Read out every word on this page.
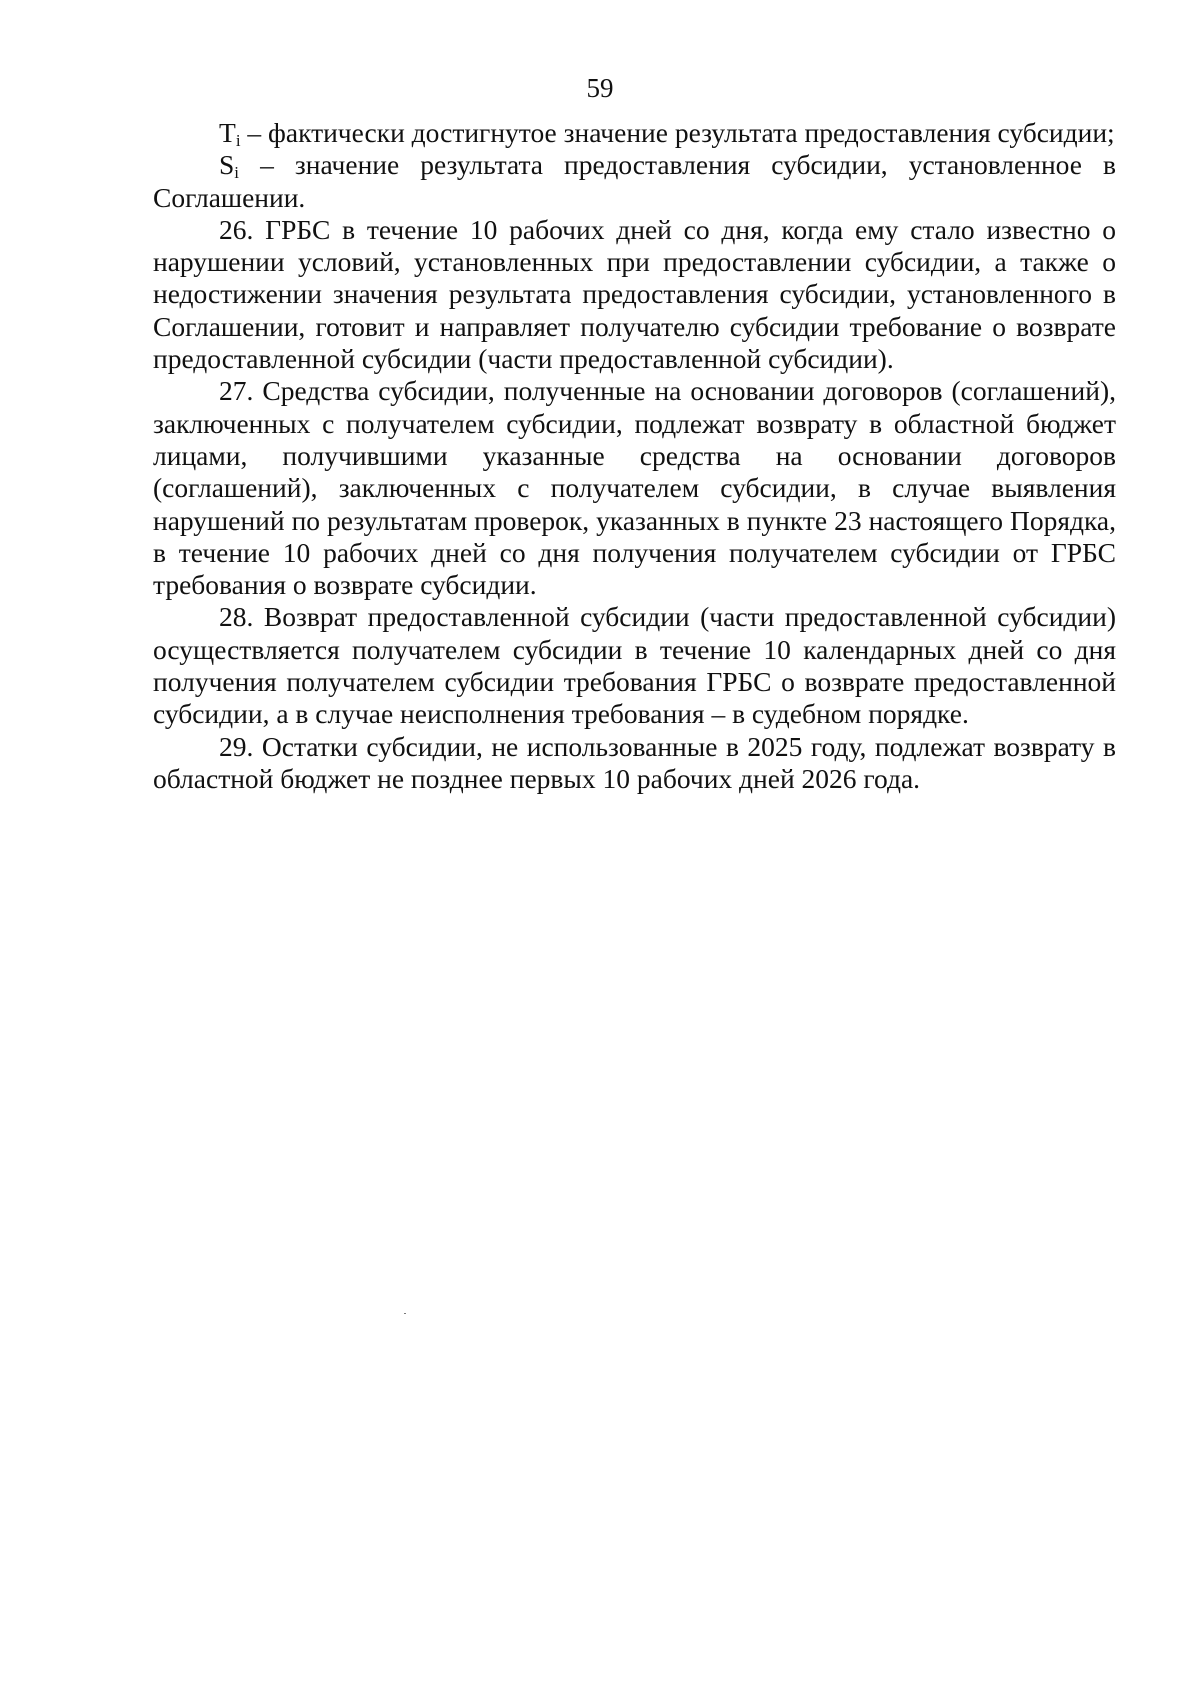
59

$T_i$ – фактически достигнутое значение результата предоставления субсидии;

$S_i$ – значение результата предоставления субсидии, установленное в Соглашении.

26. ГРБС в течение 10 рабочих дней со дня, когда ему стало известно о нарушении условий, установленных при предоставлении субсидии, а также о недостижении значения результата предоставления субсидии, установленного в Соглашении, готовит и направляет получателю субсидии требование о возврате предоставленной субсидии (части предоставленной субсидии).

27. Средства субсидии, полученные на основании договоров (соглашений), заключенных с получателем субсидии, подлежат возврату в областной бюджет лицами, получившими указанные средства на основании договоров (соглашений), заключенных с получателем субсидии, в случае выявления нарушений по результатам проверок, указанных в пункте 23 настоящего Порядка, в течение 10 рабочих дней со дня получения получателем субсидии от ГРБС требования о возврате субсидии.

28. Возврат предоставленной субсидии (части предоставленной субсидии) осуществляется получателем субсидии в течение 10 календарных дней со дня получения получателем субсидии требования ГРБС о возврате предоставленной субсидии, а в случае неисполнения требования – в судебном порядке.

29. Остатки субсидии, не использованные в 2025 году, подлежат возврату в областной бюджет не позднее первых 10 рабочих дней 2026 года.
